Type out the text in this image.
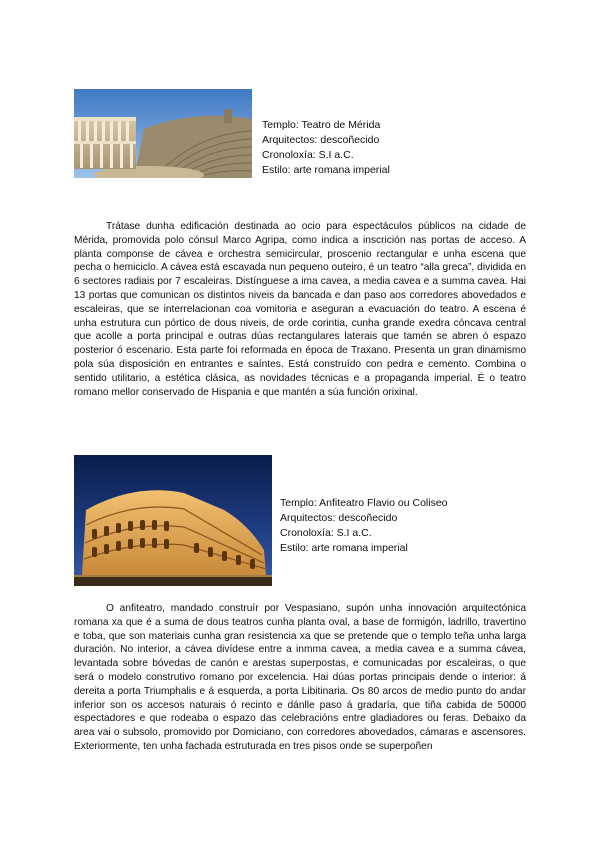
Templo: Teatro de Mérida
Arquitectos: descoñecido
Cronoloxía: S.I a.C.
Estilo: arte romana imperial

Trátase dunha edificación destinada ao ocio para espectáculos públicos na cidade de Mérida, promovida polo cónsul Marco Agripa, como indica a inscrición nas portas de acceso. A planta componse de cávea e orchestra semicircular, proscenio rectangular e unha escena que pecha o hemiciclo. A cávea está escavada nun pequeno outeiro, é un teatro “alla greca”, dividida en 6 sectores radiais por 7 escaleiras. Distínguese a ima cavea, a media cavea e a summa cavea. Hai 13 portas que comunican os distintos niveis da bancada e dan paso aos corredores abovedados e escaleiras, que se interrelacionan coa vomitoria e aseguran a evacuación do teatro. A escena é unha estrutura cun pórtico de dous niveis, de orde corintia, cunha grande exedra cóncava central que acolle a porta principal e outras dúas rectangulares laterais que tamén se abren ó espazo posterior ó escenario. Esta parte foi reformada en época de Traxano. Presenta un gran dinamismo pola súa disposición en entrantes e saíntes. Está construído con pedra e cemento. Combina o sentido utilitario, a estética clásica, as novidades técnicas e a propaganda imperial. É o teatro romano mellor conservado de Hispania e que mantén a súa función orixinal.

Templo: Anfiteatro Flavio ou Coliseo
Arquitectos: descoñecido
Cronoloxía: S.I a.C.
Estilo: arte romana imperial

O anfiteatro, mandado construír por Vespasiano, supón unha innovación arquitectónica romana xa que é a suma de dous teatros cunha planta oval, a base de formigón, ladrillo, travertino e toba, que son materiais cunha gran resistencia xa que se pretende que o templo teña unha larga duración. No interior, a cávea divídese entre a inmma cavea, a media cavea e a summa cávea, levantada sobre bóvedas de canón e arestas superpostas, e comunicadas por escaleiras, o que será o modelo construtivo romano por excelencia. Hai dúas portas principais dende o interior: á dereita a porta Triumphalis e á esquerda, a porta Libitinaria. Os 80 arcos de medio punto do andar inferior son os accesos naturais ó recinto e dánlle paso á gradaría, que tiña cabida de 50000 espectadores e que rodeaba o espazo das celebracións entre gladiadores ou feras. Debaixo da area vai o subsolo, promovido por Domiciano, con corredores abovedados, cámaras e ascensores. Exteriormente, ten unha fachada estruturada en tres pisos onde se superpoñen
